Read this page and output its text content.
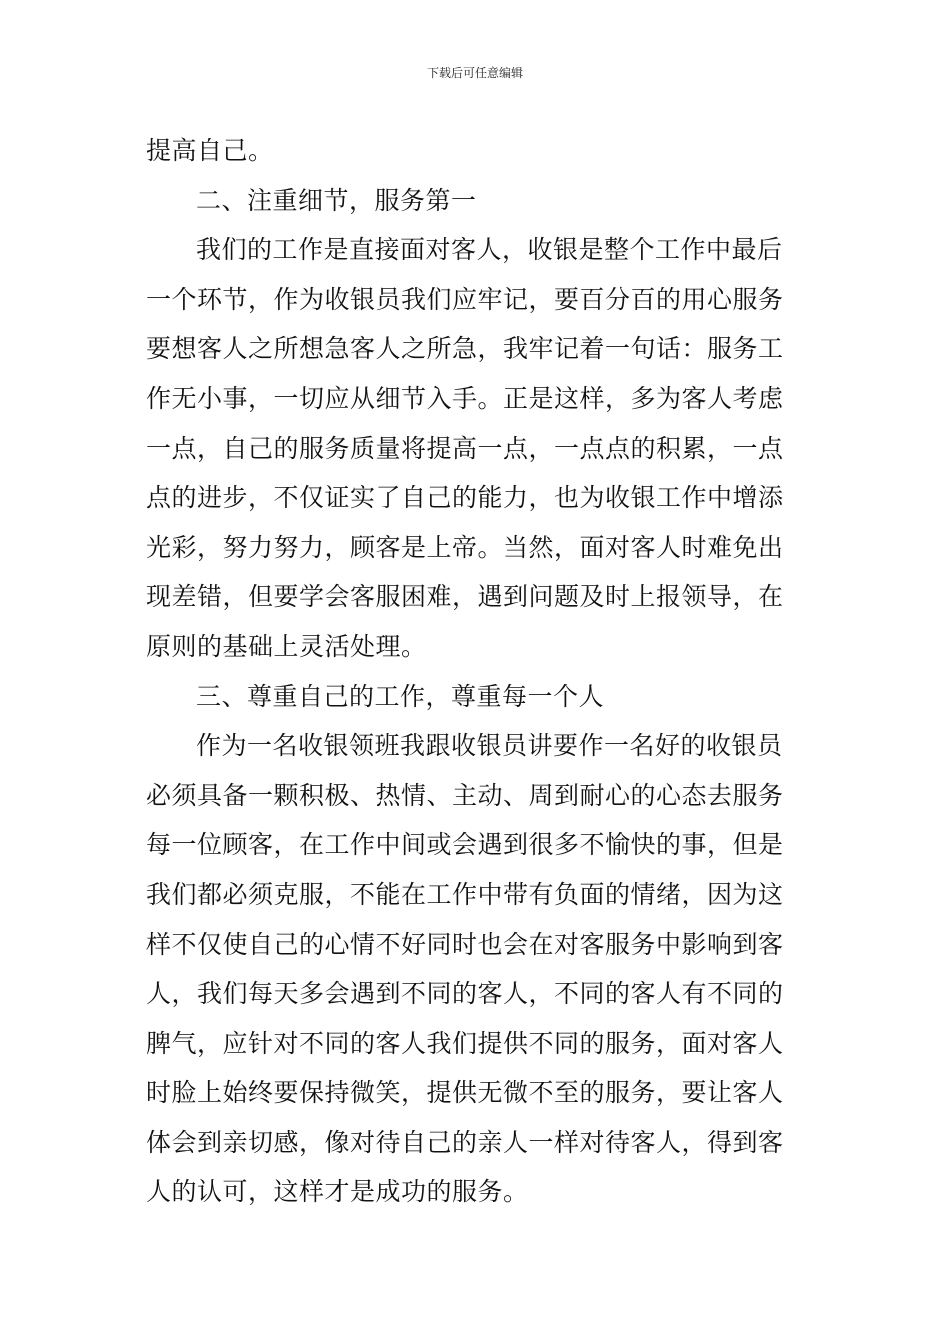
下载后可任意编辑
提高自己。
二、注重细节，服务第一
我们的工作是直接面对客人，收银是整个工作中最后
一个环节，作为收银员我们应牢记，要百分百的用心服务
要想客人之所想急客人之所急，我牢记着一句话：服务工
作无小事，一切应从细节入手。正是这样，多为客人考虑
一点，自己的服务质量将提高一点，一点点的积累，一点
点的进步，不仅证实了自己的能力，也为收银工作中增添
光彩，努力努力，顾客是上帝。当然，面对客人时难免出
现差错，但要学会客服困难，遇到问题及时上报领导，在
原则的基础上灵活处理。
三、尊重自己的工作，尊重每一个人
作为一名收银领班我跟收银员讲要作一名好的收银员
必须具备一颗积极、热情、主动、周到耐心的心态去服务
每一位顾客，在工作中间或会遇到很多不愉快的事，但是
我们都必须克服，不能在工作中带有负面的情绪，因为这
样不仅使自己的心情不好同时也会在对客服务中影响到客
人，我们每天多会遇到不同的客人，不同的客人有不同的
脾气，应针对不同的客人我们提供不同的服务，面对客人
时脸上始终要保持微笑，提供无微不至的服务，要让客人
体会到亲切感，像对待自己的亲人一样对待客人，得到客
人的认可，这样才是成功的服务。
